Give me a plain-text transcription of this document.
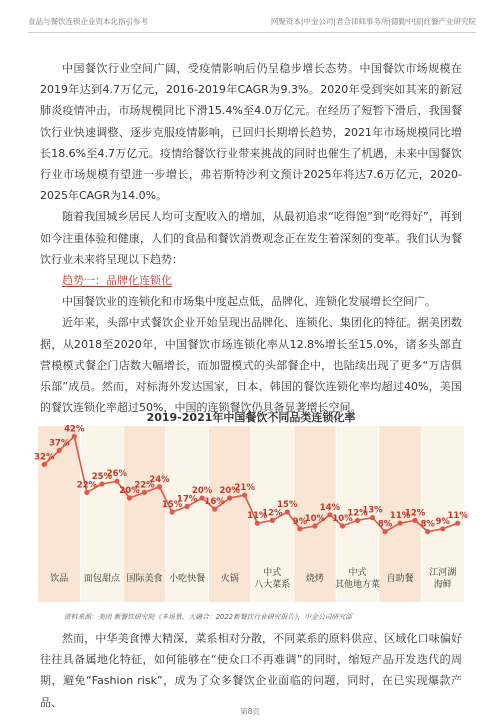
食品与餐饮连锁企业资本化指引参考	网聚资本|中金公司|君合律师事务所|德勤中国|红餐产业研究院

中国餐饮行业空间广阔，受疫情影响后仍呈稳步增长态势。中国餐饮市场规模在2019年达到4.7万亿元，2016-2019年CAGR为9.3%。2020年受到突如其来的新冠肺炎疫情冲击，市场规模同比下滑15.4%至4.0万亿元。在经历了短暂下滑后，我国餐饮行业快速调整、逐步克服疫情影响，已回归长期增长趋势，2021年市场规模同比增长18.6%至4.7万亿元。疫情给餐饮行业带来挑战的同时也催生了机遇，未来中国餐饮行业市场规模有望进一步增长，弗若斯特沙利文预计2025年将达7.6万亿元，2020-2025年CAGR为14.0%。

随着我国城乡居民人均可支配收入的增加，从最初追求“吃得饱”到“吃得好”，再到如今注重体验和健康，人们的食品和餐饮消费观念正在发生着深刻的变革。我们认为餐饮行业未来将呈现以下趋势：

趋势一：品牌化连锁化

中国餐饮业的连锁化和市场集中度起点低，品牌化、连锁化发展增长空间广。

近年来，头部中式餐饮企业开始呈现出品牌化、连锁化、集团化的特征。据美团数据，从2018至2020年，中国餐饮市场连锁化率从12.8%增长至15.0%，诸多头部直营模模式餐企门店数大幅增长，而加盟模式的头部餐企中，也陆续出现了更多“万店俱乐部”成员。然而，对标海外发达国家，日本、韩国的餐饮连锁化率均超过40%，美国的餐饮连锁化率超过50%，中国的连锁餐饮仍具备显著增长空间。

2019-2021年中国餐饮不同品类连锁化率
32%
37%
42%
22%
25%
26%
20%
22%
24%
15%
17%
20%
16%
20%
21%
11%
12%
15%
9%
10%
14%
10%
12%
13%
8%
11%
12%
8% 9%
11%
饮品 面包甜点 国际美食 小吃快餐 火锅
中式
八大菜系
烧烤
中式
其他地方菜
自助餐
江河湖
海鲜
资料来源：美团 新餐饮研究院《多场景、大融合：2022新餐饮行业研究报告》，中金公司研究部

然而，中华美食博大精深，菜系相对分散，不同菜系的原料供应、区域化口味偏好往往具备属地化特征，如何能够在“使众口不再难调”的同时，缩短产品开发迭代的周期，避免“Fashion risk”，成为了众多餐饮企业面临的问题，同时，在已实现爆款产品、

第8页
